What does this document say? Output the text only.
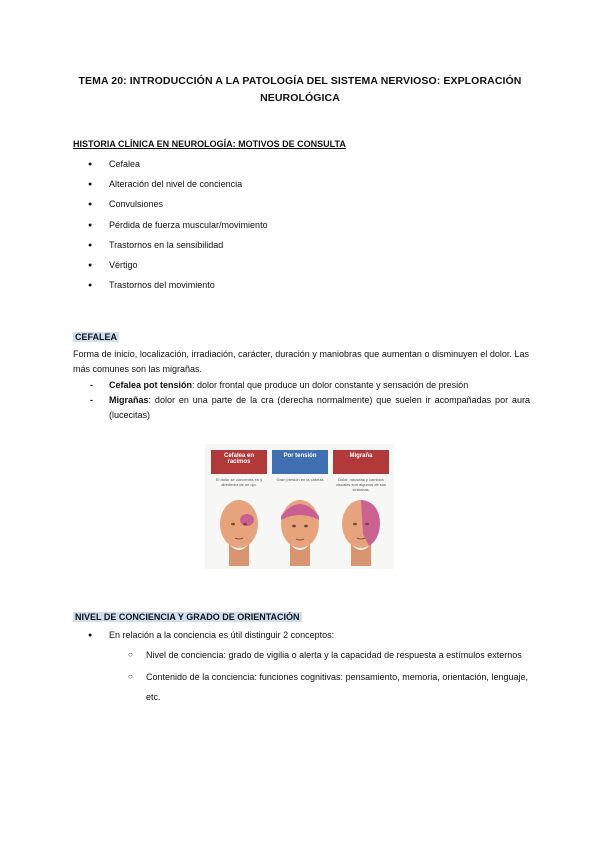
TEMA 20: INTRODUCCIÓN A LA PATOLOGÍA DEL SISTEMA NERVIOSO: EXPLORACIÓN NEUROLÓGICA
HISTORIA CLÍNICA EN NEUROLOGÍA: MOTIVOS DE CONSULTA
● Cefalea
● Alteración del nivel de conciencia
● Convulsiones
● Pérdida de fuerza muscular/movimiento
● Trastornos en la sensibilidad
● Vértigo
● Trastornos del movimiento
CEFALEA
Forma de inicio, localización, irradiación, carácter, duración y maniobras que aumentan o disminuyen el dolor. Las más comunes son las migrañas.
- Cefalea pot tensión: dolor frontal que produce un dolor constante y sensación de presión
- Migrañas: dolor en una parte de la cra (derecha normalmente) que suelen ir acompañadas por aura (lucecitas)
Cefalea en
racimos
El dolor se concentra en y alrededor de un ojo.
Por tensión
Gran presión en la cabeza
Migraña
Dolor, náuseas y cambios visuales son algunos de sus síntomas.
NIVEL DE CONCIENCIA Y GRADO DE ORIENTACIÓN
● En relación a la conciencia es útil distinguir 2 conceptos:
○ Nivel de conciencia: grado de vigilia o alerta y la capacidad de respuesta a estímulos externos
○ Contenido de la conciencia: funciones cognitivas: pensamiento, memoria, orientación, lenguaje, etc.
